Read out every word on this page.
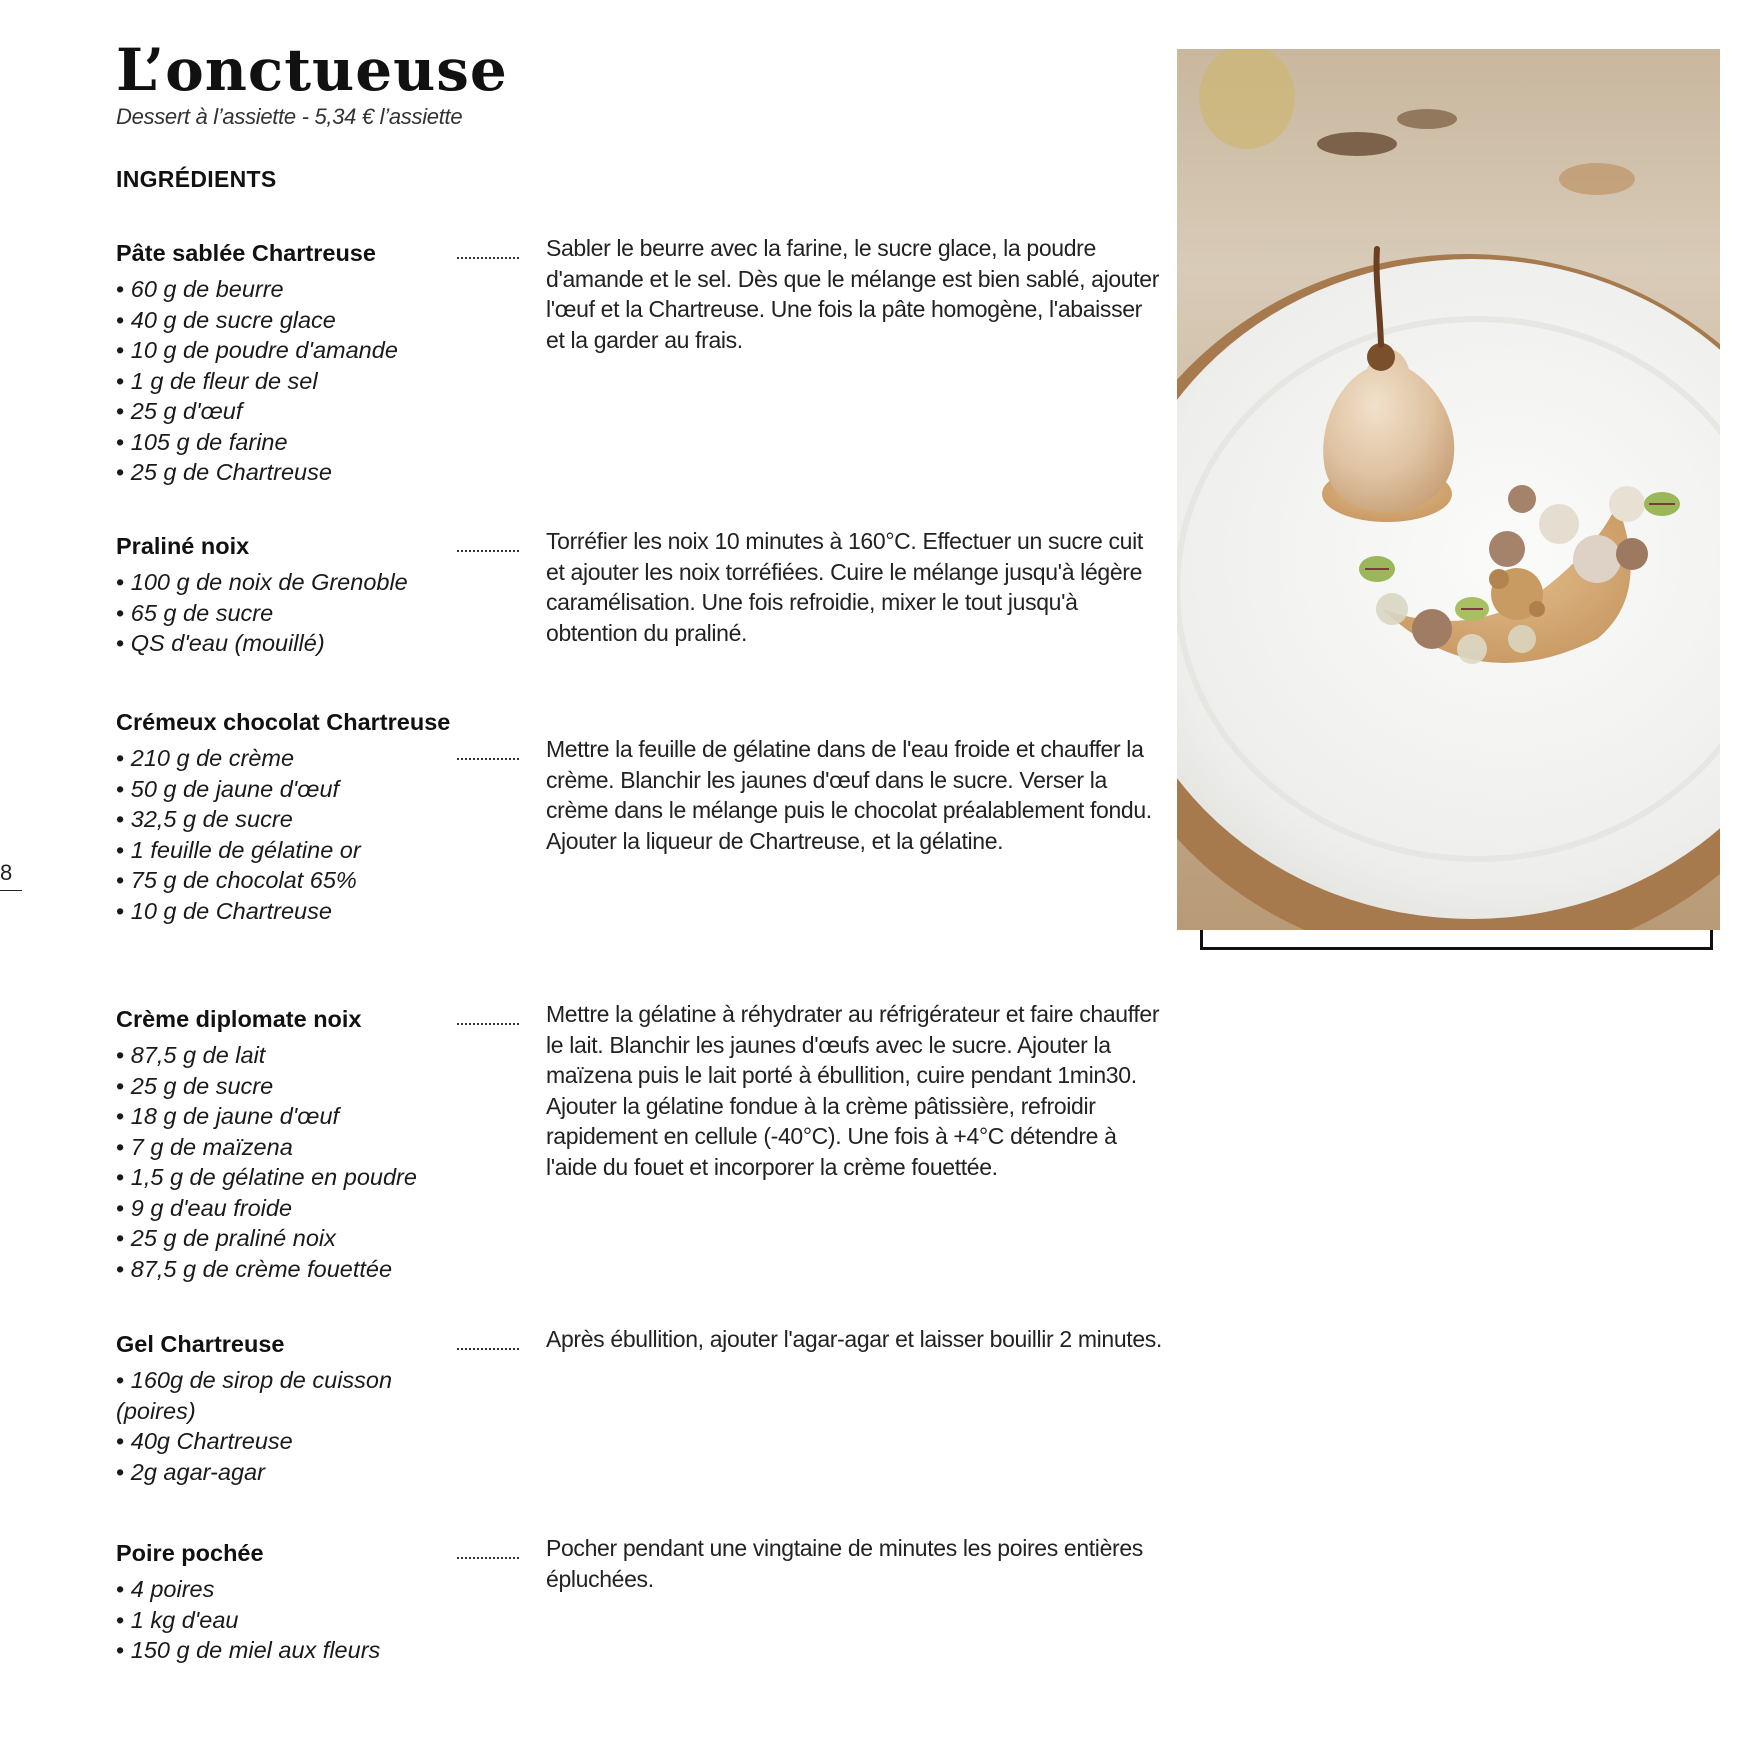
L’onctueuse
Dessert à l’assiette - 5,34 € l’assiette
INGRÉDIENTS
Pâte sablée Chartreuse
• 60 g de beurre
• 40 g de sucre glace
• 10 g de poudre d'amande
• 1 g de fleur de sel
• 25 g d'œuf
• 105 g de farine
• 25 g de Chartreuse

Sabler le beurre avec la farine, le sucre glace, la poudre d'amande et le sel. Dès que le mélange est bien sablé, ajouter l'œuf et la Chartreuse. Une fois la pâte homogène, l'abaisser et la garder au frais.

Praliné noix
• 100 g de noix de Grenoble
• 65 g de sucre
• QS d'eau (mouillé)

Torréfier les noix 10 minutes à 160°C. Effectuer un sucre cuit et ajouter les noix torréfiées. Cuire le mélange jusqu'à légère caramélisation. Une fois refroidie, mixer le tout jusqu'à obtention du praliné.

Crémeux chocolat Chartreuse
• 210 g de crème
• 50 g de jaune d'œuf
• 32,5 g de sucre
• 1 feuille de gélatine or
• 75 g de chocolat 65%
• 10 g de Chartreuse

Mettre la feuille de gélatine dans de l'eau froide et chauffer la crème. Blanchir les jaunes d'œuf dans le sucre. Verser la crème dans le mélange puis le chocolat préalablement fondu. Ajouter la liqueur de Chartreuse, et la gélatine.

Crème diplomate noix
• 87,5 g de lait
• 25 g de sucre
• 18 g de jaune d'œuf
• 7 g de maïzena
• 1,5 g de gélatine en poudre
• 9 g d'eau froide
• 25 g de praliné noix
• 87,5 g de crème fouettée

Mettre la gélatine à réhydrater au réfrigérateur et faire chauffer le lait. Blanchir les jaunes d'œufs avec le sucre. Ajouter la maïzena puis le lait porté à ébullition, cuire pendant 1min30.

Ajouter la gélatine fondue à la crème pâtissière, refroidir rapidement en cellule (-40°C). Une fois à +4°C détendre à l'aide du fouet et incorporer la crème fouettée.

Gel Chartreuse
• 160g de sirop de cuisson (poires)
• 40g Chartreuse
• 2g agar-agar

Après ébullition, ajouter l'agar-agar et laisser bouillir 2 minutes.

Poire pochée
• 4 poires
• 1 kg d'eau
• 150 g de miel aux fleurs

Pocher pendant une vingtaine de minutes les poires entières épluchées.

8
